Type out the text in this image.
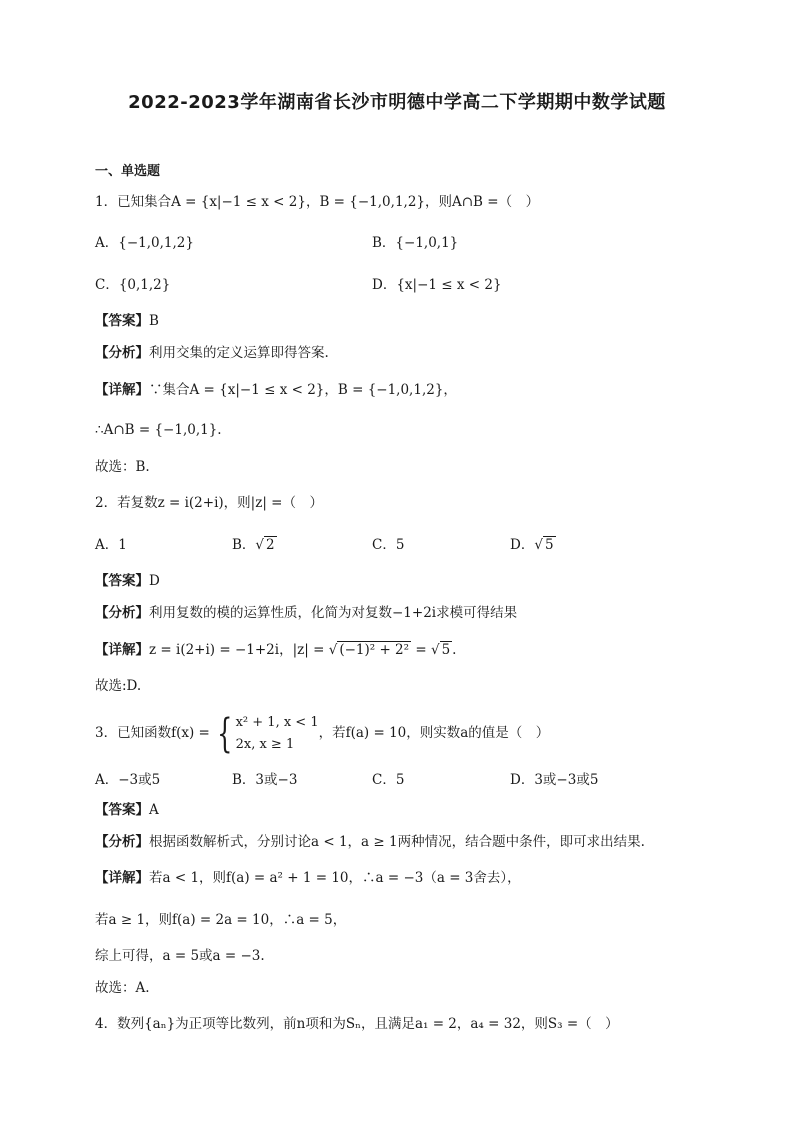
2022-2023学年湖南省长沙市明德中学高二下学期期中数学试题
一、单选题
1．已知集合A = {x|−1 ≤ x < 2}，B = {−1,0,1,2}，则A∩B =（　）
A．{−1,0,1,2}	B．{−1,0,1}
C．{0,1,2}	D．{x|−1 ≤ x < 2}
【答案】B
【分析】利用交集的定义运算即得答案.
【详解】∵集合A = {x|−1 ≤ x < 2}，B = {−1,0,1,2}，
∴A∩B = {−1,0,1}.
故选：B.
2．若复数z = i(2+i)，则|z| =（　）
A．1	B．√ 2	C．5	D．√ 5
【答案】D
【分析】利用复数的模的运算性质，化简为对复数−1+2i求模可得结果
【详解】z = i(2+i) = −1+2i，|z| = √ (−1)² + 2² = √ 5 .
故选:D.
3．已知函数f(x) = { x² + 1, x < 1
2x, x ≥ 1
，若f(a) = 10，则实数a的值是（　）
A．−3或5	B．3或−3	C．5	D．3或−3或5
【答案】A
【分析】根据函数解析式，分别讨论a < 1，a ≥ 1两种情况，结合题中条件，即可求出结果.
【详解】若a < 1，则f(a) = a² + 1 = 10，∴a = −3（a = 3舍去），
若a ≥ 1，则f(a) = 2a = 10，∴a = 5，
综上可得，a = 5或a = −3.
故选：A.
4．数列{aₙ}为正项等比数列，前n项和为Sₙ，且满足a₁ = 2，a₄ = 32，则S₃ =（　）
